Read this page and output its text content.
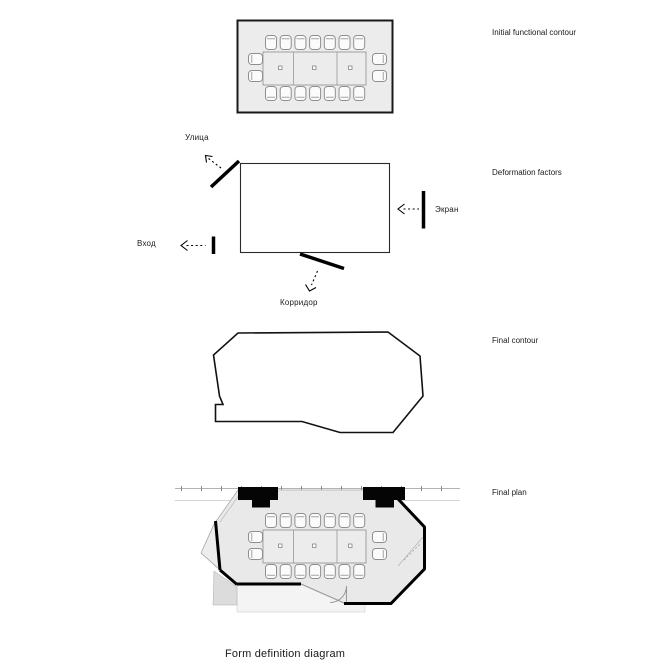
Улица
Вход
Экран
Корридор
Initial functional contour
Deformation factors
Final contour
Final plan
Form definition diagram
